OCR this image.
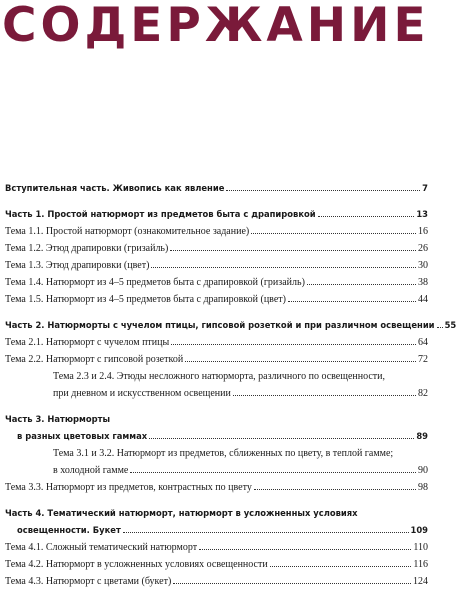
СОДЕРЖАНИЕ
Вступительная часть. Живопись как явление	7
Часть 1. Простой натюрморт из предметов быта с драпировкой	13
Тема 1.1. Простой натюрморт (ознакомительное задание)	16
Тема 1.2. Этюд драпировки (гризайль)	26
Тема 1.3. Этюд драпировки (цвет)	30
Тема 1.4. Натюрморт из 4–5 предметов быта с драпировкой (гризайль)	38
Тема 1.5. Натюрморт из 4–5 предметов быта с драпировкой (цвет)	44
Часть 2. Натюрморты с чучелом птицы, гипсовой розеткой и при различном освещении 55
Тема 2.1. Натюрморт с чучелом птицы	64
Тема 2.2. Натюрморт с гипсовой розеткой	72
Тема 2.3 и 2.4. Этюды несложного натюрморта, различного по освещенности,
при дневном и искусственном освещении	82
Часть 3. Натюрморты
в разных цветовых гаммах	89
Тема 3.1 и 3.2. Натюрморт из предметов, сближенных по цвету, в теплой гамме;
в холодной гамме	90
Тема 3.3. Натюрморт из предметов, контрастных по цвету	98
Часть 4. Тематический натюрморт, натюрморт в усложненных условиях
освещенности. Букет	109
Тема 4.1. Сложный тематический натюрморт	110
Тема 4.2. Натюрморт в усложненных условиях освещенности	116
Тема 4.3. Натюрморт с цветами (букет)	124
